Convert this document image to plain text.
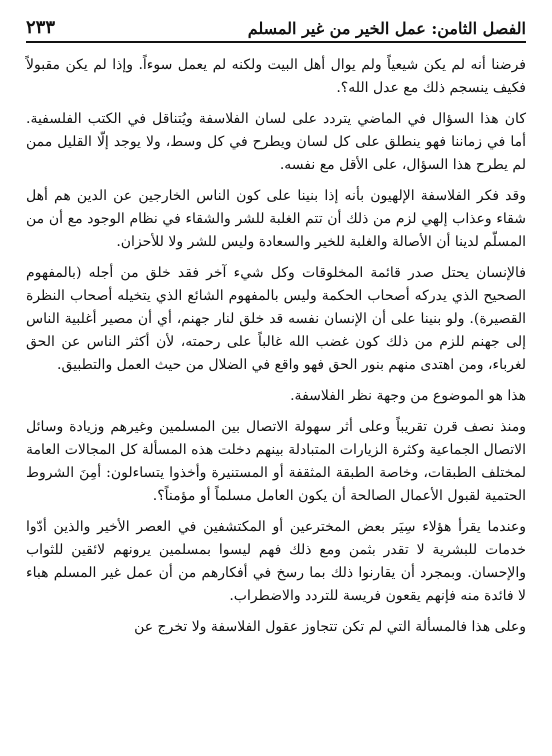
الفصل الثامن: عمل الخير من غير المسلم
٢٣٣

فرضنا أنه لم يكن شيعياً ولم يوال أهل البيت ولكنه لم يعمل سوءاً. وإذا لم يكن مقبولاً فكيف ينسجم ذلك مع عدل الله؟.

كان هذا السؤال في الماضي يتردد على لسان الفلاسفة ويُتناقل في الكتب الفلسفية. أما في زماننا فهو ينطلق على كل لسان ويطرح في كل وسط، ولا يوجد إلّا القليل ممن لم يطرح هذا السؤال، على الأقل مع نفسه.

وقد فكر الفلاسفة الإلهيون بأنه إذا بنينا على كون الناس الخارجين عن الدين هم أهل شقاء وعذاب إلهي لزم من ذلك أن تتم الغلبة للشر والشقاء في نظام الوجود مع أن من المسلّم لدينا أن الأصالة والغلبة للخير والسعادة وليس للشر ولا للأحزان.

فالإنسان يحتل صدر قائمة المخلوقات وكل شيء آخر فقد خلق من أجله (بالمفهوم الصحيح الذي يدركه أصحاب الحكمة وليس بالمفهوم الشائع الذي يتخيله أصحاب النظرة القصيرة). ولو بنينا على أن الإنسان نفسه قد خلق لنار جهنم، أي أن مصير أغلبية الناس إلى جهنم للزم من ذلك كون غضب الله غالباً على رحمته، لأن أكثر الناس عن الحق لغرباء، ومن اهتدى منهم بنور الحق فهو واقع في الضلال من حيث العمل والتطبيق.

هذا هو الموضوع من وجهة نظر الفلاسفة.

ومنذ نصف قرن تقريباً وعلى أثر سهولة الاتصال بين المسلمين وغيرهم وزيادة وسائل الاتصال الجماعية وكثرة الزيارات المتبادلة بينهم دخلت هذه المسألة كل المجالات العامة لمختلف الطبقات، وخاصة الطبقة المثقفة أو المستنيرة وأخذوا يتساءلون: أمِنَ الشروط الحتمية لقبول الأعمال الصالحة أن يكون العامل مسلماً أو مؤمناً؟.

وعندما يقرأ هؤلاء سِيَر بعض المخترعين أو المكتشفين في العصر الأخير والذين أدّوا خدمات للبشرية لا تقدر بثمن ومع ذلك فهم ليسوا بمسلمين يرونهم لائقين للثواب والإحسان. وبمجرد أن يقارنوا ذلك بما رسخ في أفكارهم من أن عمل غير المسلم هباء لا فائدة منه فإنهم يقعون فريسة للتردد والاضطراب.

وعلى هذا فالمسألة التي لم تكن تتجاوز عقول الفلاسفة ولا تخرج عن
